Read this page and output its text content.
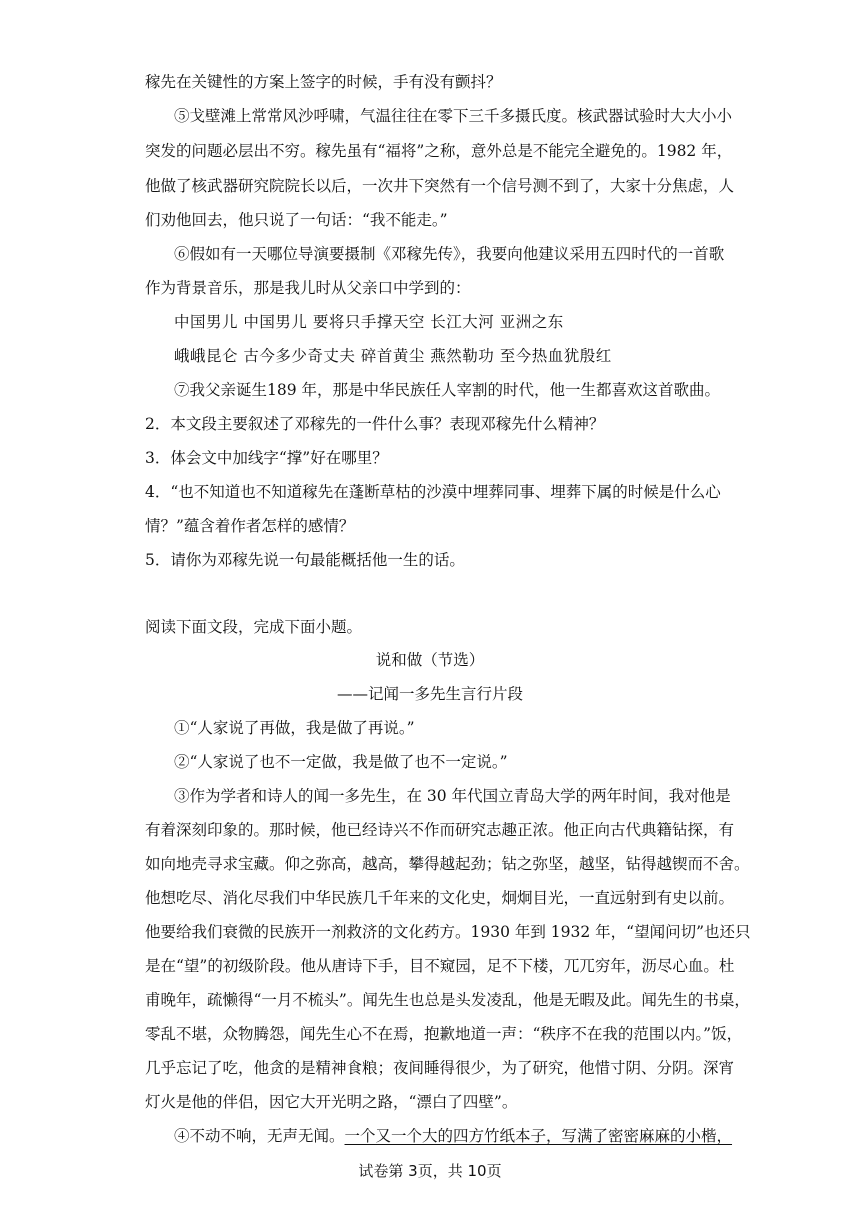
稼先在关键性的方案上签字的时候，手有没有颤抖？
⑤戈壁滩上常常风沙呼啸，气温往往在零下三千多摄氏度。核武器试验时大大小小
突发的问题必层出不穷。稼先虽有“福将”之称，意外总是不能完全避免的。1982 年，
他做了核武器研究院院长以后，一次井下突然有一个信号测不到了，大家十分焦虑，人
们劝他回去，他只说了一句话：“我不能走。”
⑥假如有一天哪位导演要摄制《邓稼先传》，我要向他建议采用五四时代的一首歌
作为背景音乐，那是我儿时从父亲口中学到的：
中国男儿 中国男儿 要将只手撑天空 长江大河 亚洲之东
峨峨昆仑 古今多少奇丈夫 碎首黄尘 燕然勒功 至今热血犹殷红
⑦我父亲诞生189 年，那是中华民族任人宰割的时代，他一生都喜欢这首歌曲。
2．本文段主要叙述了邓稼先的一件什么事？表现邓稼先什么精神？
3．体会文中加线字“撑”好在哪里？
4．“也不知道也不知道稼先在蓬断草枯的沙漠中埋葬同事、埋葬下属的时候是什么心
情？”蕴含着作者怎样的感情？
5．请你为邓稼先说一句最能概括他一生的话。
阅读下面文段，完成下面小题。
说和做（节选）
——记闻一多先生言行片段
①“人家说了再做，我是做了再说。”
②“人家说了也不一定做，我是做了也不一定说。”
③作为学者和诗人的闻一多先生，在 30 年代国立青岛大学的两年时间，我对他是
有着深刻印象的。那时候，他已经诗兴不作而研究志趣正浓。他正向古代典籍钻探，有
如向地壳寻求宝藏。仰之弥高，越高，攀得越起劲；钻之弥坚，越坚，钻得越锲而不舍。
他想吃尽、消化尽我们中华民族几千年来的文化史，炯炯目光，一直远射到有史以前。
他要给我们衰微的民族开一剂救济的文化药方。1930 年到 1932 年，“望闻问切”也还只
是在“望”的初级阶段。他从唐诗下手，目不窥园，足不下楼，兀兀穷年，沥尽心血。杜
甫晚年，疏懒得“一月不梳头”。闻先生也总是头发凌乱，他是无暇及此。闻先生的书桌，
零乱不堪，众物腾怨，闻先生心不在焉，抱歉地道一声：“秩序不在我的范围以内。”饭，
几乎忘记了吃，他贪的是精神食粮；夜间睡得很少，为了研究，他惜寸阴、分阴。深宵
灯火是他的伴侣，因它大开光明之路，“漂白了四壁”。
④不动不响，无声无闻。一个又一个大的四方竹纸本子，写满了密密麻麻的小楷，
试卷第 3页，共 10页
